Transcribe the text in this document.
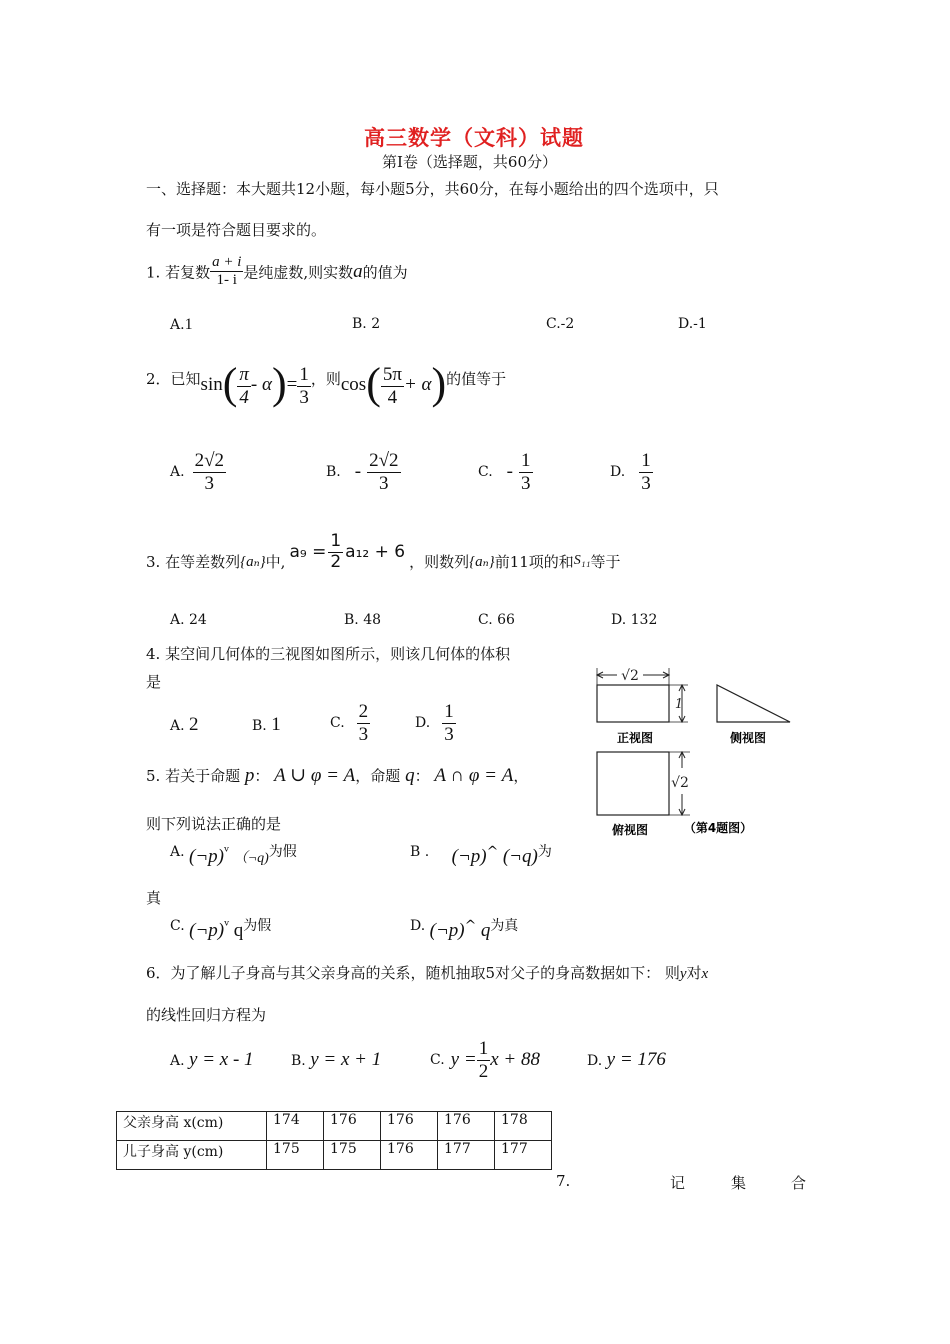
高三数学（文科）试题
第Ⅰ卷（选择题，共60分）
一、选择题：本大题共12小题，每小题5分，共60分，在每小题给出的四个选项中，只
有一项是符合题目要求的。
1. 若复数 $\frac{a + i}{1- i}$ 是纯虚数,则实数a的值为
A.1	B. 2	C.-2	D.-1
2．已知 sin ( $\frac{\pi}{4}$ - α ) = $\frac{1}{3}$ ，则 cos ( $\frac{5\pi}{4} + \alpha$ ) 的值等于
A. $\frac{2√2}{3}$	B. - $\frac{2√2}{3}$	C. - $\frac{1}{3}$	D. $\frac{1}{3}$
3. 在等差数列 {aₙ} 中, $a_9 = \frac{1}{2} a_{12} + 6$ ，则数列 {aₙ} 前11项的和 S₁₁ 等于
A. 24	B. 48	C. 66	D. 132
4. 某空间几何体的三视图如图所示，则该几何体的体积
是
A. 2	B. 1	C. $\frac{2}{3}$	D. $\frac{1}{3}$
√2
1
正视图	侧视图
√2
俯视图	（第4题图）
5. 若关于命题 p： A ∪ φ = A，命题 q： A ∩ φ = A，
则下列说法正确的是
A. (¬p)ᵛ （¬q)为假	B . (¬p)^ (¬q)为
真
C. (¬p)ᵛ q为假	D. (¬p)^ q为真
6．为了解儿子身高与其父亲身高的关系，随机抽取5对父子的身高数据如下： 则y对x
的线性回归方程为
A. y = x - 1	B. y = x + 1	C. $y = \frac{1}{2}$ x + 88	D. y = 176
父亲身高 x(cm)	174	176	176	176	178
儿子身高 y(cm)	175	175	176	177	177
7.	记	集	合
